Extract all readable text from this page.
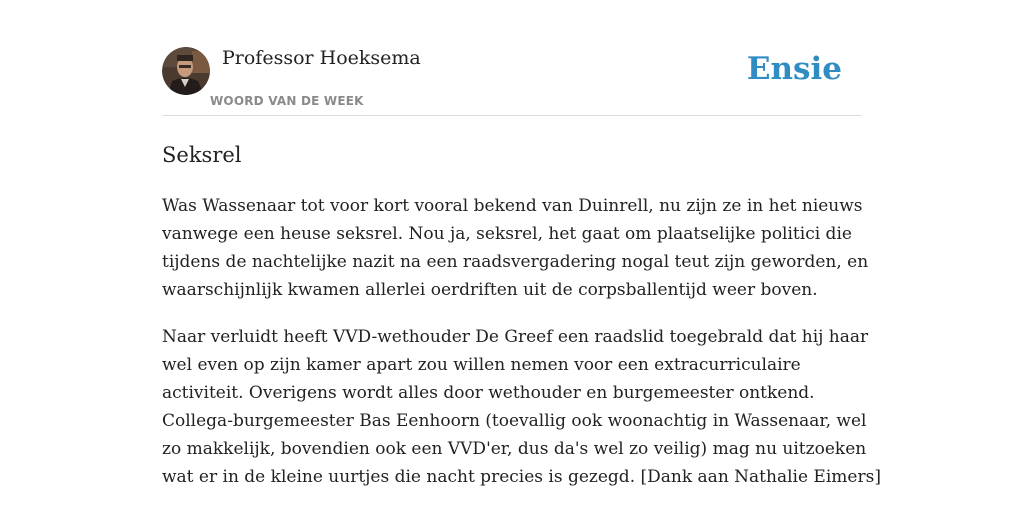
Professor Hoeksema
WOORD VAN DE WEEK
Ensie
Seksrel
Was Wassenaar tot voor kort vooral bekend van Duinrell, nu zijn ze in het nieuws
vanwege een heuse seksrel. Nou ja, seksrel, het gaat om plaatselijke politici die
tijdens de nachtelijke nazit na een raadsvergadering nogal teut zijn geworden, en
waarschijnlijk kwamen allerlei oerdriften uit de corpsballentijd weer boven.
Naar verluidt heeft VVD-wethouder De Greef een raadslid toegebrald dat hij haar
wel even op zijn kamer apart zou willen nemen voor een extracurriculaire
activiteit. Overigens wordt alles door wethouder en burgemeester ontkend.
Collega-burgemeester Bas Eenhoorn (toevallig ook woonachtig in Wassenaar, wel
zo makkelijk, bovendien ook een VVD'er, dus da's wel zo veilig) mag nu uitzoeken
wat er in de kleine uurtjes die nacht precies is gezegd. [Dank aan Nathalie Eimers]
